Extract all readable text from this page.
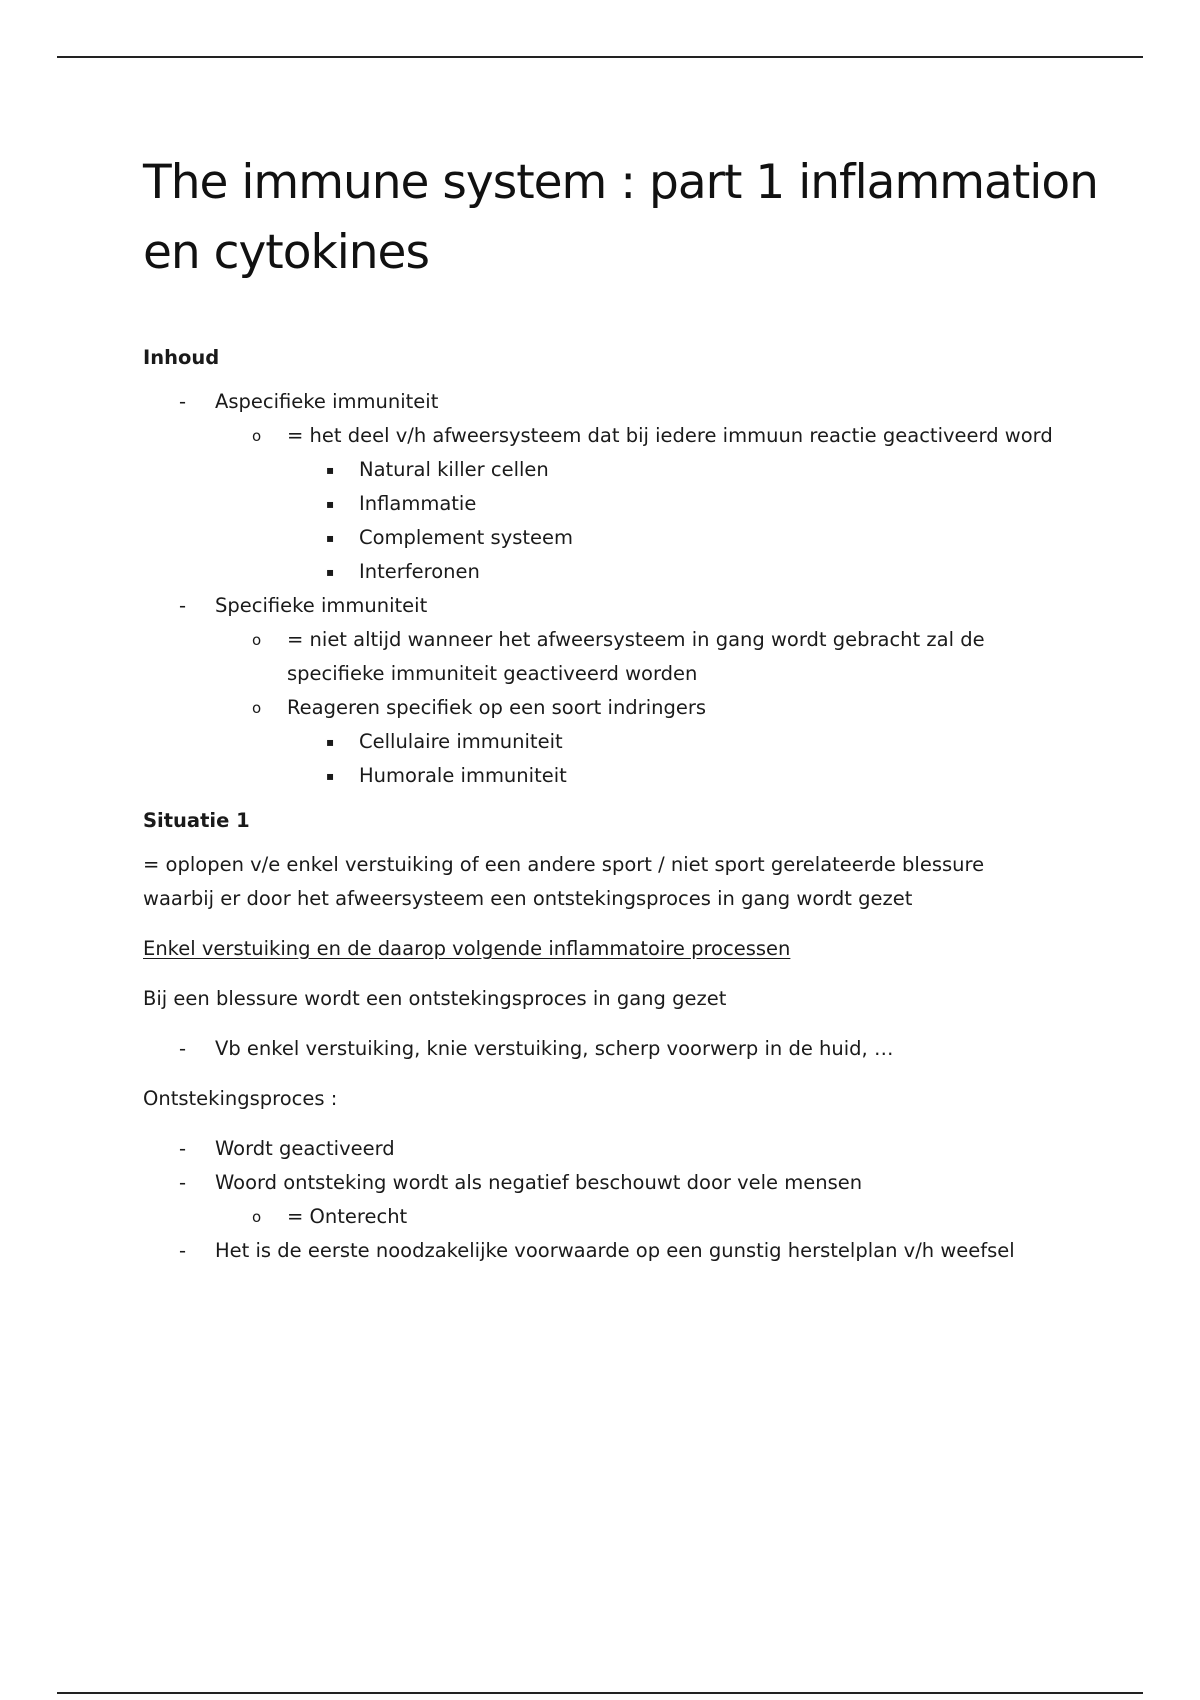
The immune system : part 1 inflammation
en cytokines

Inhoud

- Aspecifieke immuniteit
o = het deel v/h afweersysteem dat bij iedere immuun reactie geactiveerd word
▪ Natural killer cellen
▪ Inflammatie
▪ Complement systeem
▪ Interferonen
- Specifieke immuniteit
o = niet altijd wanneer het afweersysteem in gang wordt gebracht zal de
specifieke immuniteit geactiveerd worden
o Reageren specifiek op een soort indringers
▪ Cellulaire immuniteit
▪ Humorale immuniteit

Situatie 1

= oplopen v/e enkel verstuiking of een andere sport / niet sport gerelateerde blessure
waarbij er door het afweersysteem een ontstekingsproces in gang wordt gezet

Enkel verstuiking en de daarop volgende inflammatoire processen

Bij een blessure wordt een ontstekingsproces in gang gezet

- Vb enkel verstuiking, knie verstuiking, scherp voorwerp in de huid, …

Ontstekingsproces :

- Wordt geactiveerd
- Woord ontsteking wordt als negatief beschouwt door vele mensen
o = Onterecht
- Het is de eerste noodzakelijke voorwaarde op een gunstig herstelplan v/h weefsel
